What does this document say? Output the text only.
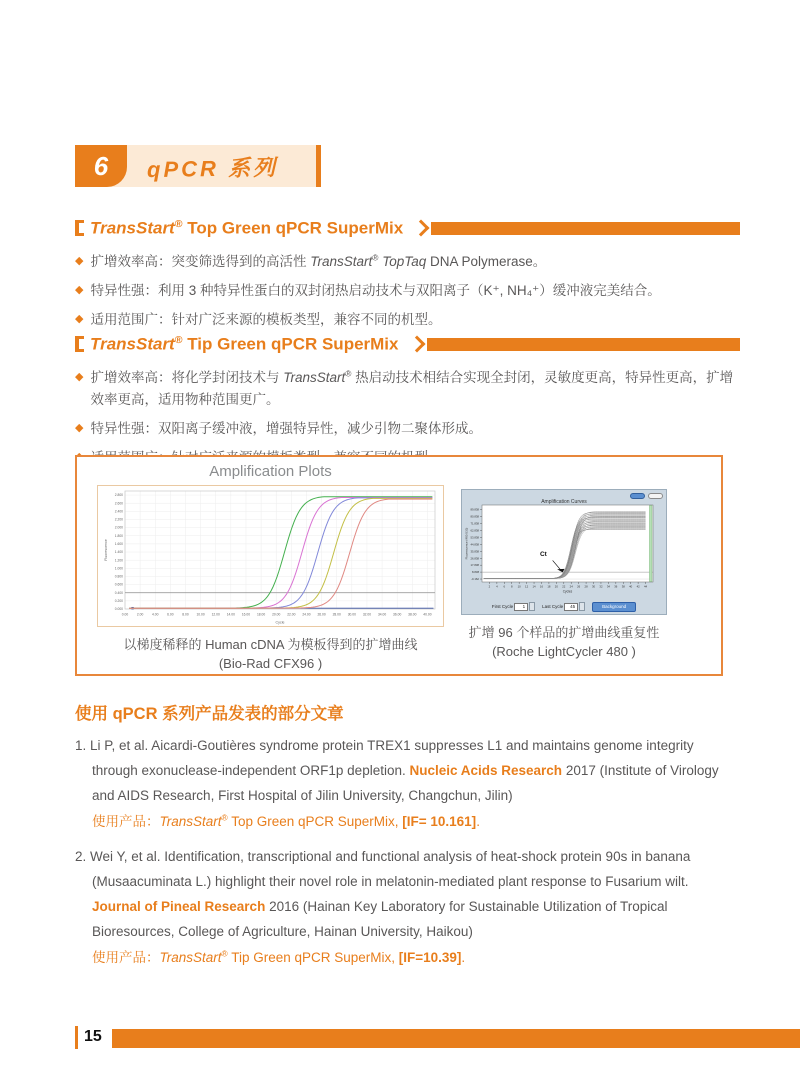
6	qPCR 系列
TransStart® Top Green qPCR SuperMix
◆ 扩增效率高：突变筛选得到的高活性 TransStart® TopTaq DNA Polymerase。
◆ 特异性强：利用 3 种特异性蛋白的双封闭热启动技术与双阳离子（K⁺, NH₄⁺）缓冲液完美结合。
◆ 适用范围广：针对广泛来源的模板类型，兼容不同的机型。
TransStart® Tip Green qPCR SuperMix
◆ 扩增效率高：将化学封闭技术与 TransStart® 热启动技术相结合实现全封闭，灵敏度更高，特异性更高，扩增效率更高，适用物种范围更广。
◆ 特异性强：双阳离子缓冲液，增强特异性，减少引物二聚体形成。
Amplification Plots
0.00	2.00	4.00	6.00	8.00 10.00 12.00 14.00 16.00 18.00 20.00 22.00 24.00 26.00 28.00 30.00 32.00 34.00 36.00 38.00 40.00
0.000
0.200
0.400
0.600
0.800
1.000
1.200
1.400
1.600
1.800
2.000
2.200
2.400
2.600
2.800
Cycle
Fluorescence
以梯度稀释的 Human cDNA 为模板得到的扩增曲线
(Bio-Rad CFX96 )
Amplification Curves
89.838
80.838
71.838
62.838
53.838
44.838
35.838
26.838
17.838
8.838
-0.162
2 4 6 8 10 12 14 16 18 20 22 24 26 28 30 32 34 36 38 40 42 44
Cycles
Fluorescence (483-533)	Ct
First Cycle	1	Last Cycle	45	Background
扩增 96 个样品的扩增曲线重复性
(Roche LightCycler 480 )
使用 qPCR 系列产品发表的部分文章

1. Li P, et al. Aicardi-Goutières syndrome protein TREX1 suppresses L1 and maintains genome integrity through exonuclease-independent ORF1p depletion. Nucleic Acids Research 2017 (Institute of Virology and AIDS Research, First Hospital of Jilin University, Changchun, Jilin)

使用产品：TransStart® Top Green qPCR SuperMix, [IF= 10.161].

2. Wei Y, et al. Identification, transcriptional and functional analysis of heat-shock protein 90s in banana (Musaacuminata L.) highlight their novel role in melatonin-mediated plant response to Fusarium wilt. Journal of Pineal Research 2016 (Hainan Key Laboratory for Sustainable Utilization of Tropical Bioresources, College of Agriculture, Hainan University, Haikou)

使用产品：TransStart® Tip Green qPCR SuperMix, [IF=10.39].

15
